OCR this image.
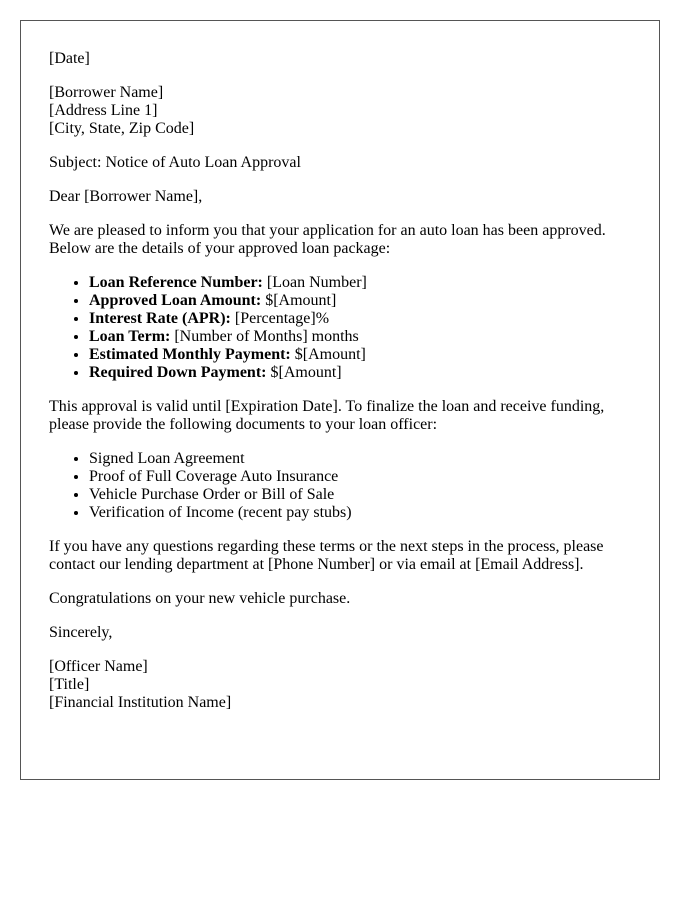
[Date]

[Borrower Name]

[Address Line 1]

[City, State, Zip Code]

Subject: Notice of Auto Loan Approval

Dear [Borrower Name],

We are pleased to inform you that your application for an auto loan has been approved. Below are the details of your approved loan package:

• Loan Reference Number: [Loan Number]
• Approved Loan Amount: $[Amount]
• Interest Rate (APR): [Percentage]%
• Loan Term: [Number of Months] months
• Estimated Monthly Payment: $[Amount]
• Required Down Payment: $[Amount]

This approval is valid until [Expiration Date]. To finalize the loan and receive funding, please provide the following documents to your loan officer:

• Signed Loan Agreement
• Proof of Full Coverage Auto Insurance
• Vehicle Purchase Order or Bill of Sale
• Verification of Income (recent pay stubs)

If you have any questions regarding these terms or the next steps in the process, please contact our lending department at [Phone Number] or via email at [Email Address].

Congratulations on your new vehicle purchase.

Sincerely,

[Officer Name]

[Title]

[Financial Institution Name]
